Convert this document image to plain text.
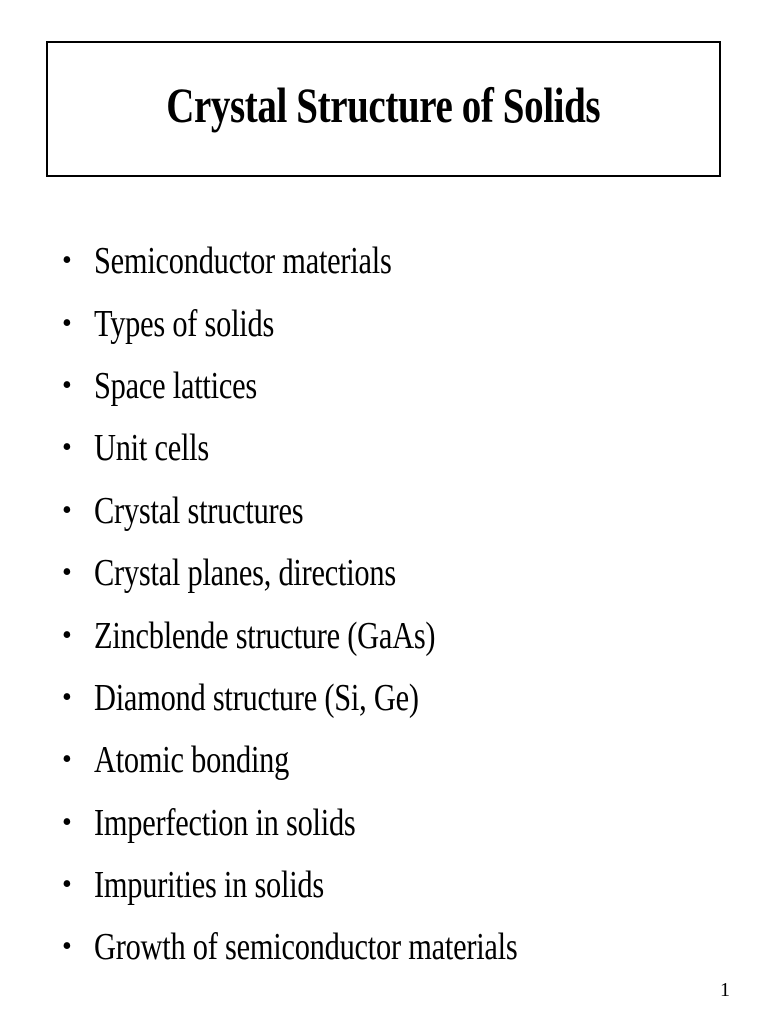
Crystal Structure of Solids
• Semiconductor materials
• Types of solids
• Space lattices
• Unit cells
• Crystal structures
• Crystal planes, directions
• Zincblende structure (GaAs)
• Diamond structure (Si, Ge)
• Atomic bonding
• Imperfection in solids
• Impurities in solids
• Growth of semiconductor materials
1
